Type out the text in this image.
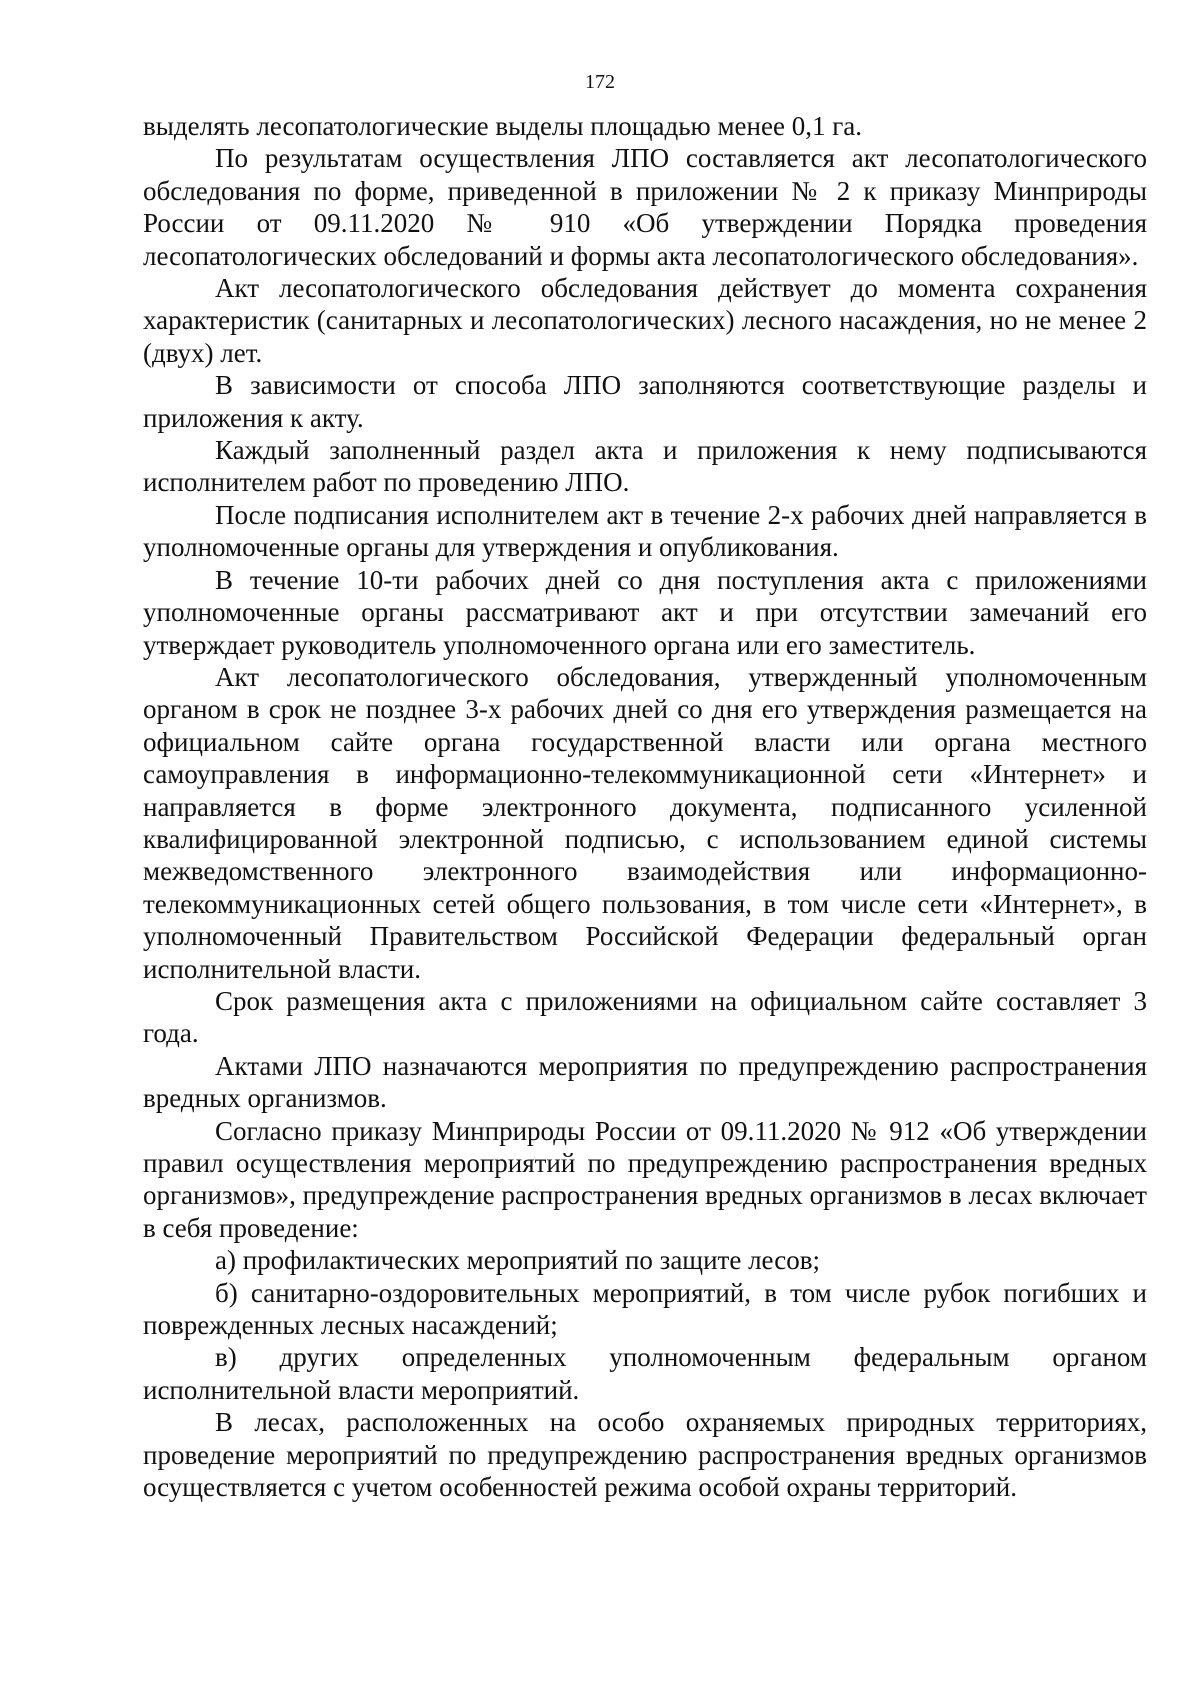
172

выделять лесопатологические выделы площадью менее 0,1 га.

По результатам осуществления ЛПО составляется акт лесопатологического обследования по форме, приведенной в приложении № 2 к приказу Минприроды России от 09.11.2020 № 910 «Об утверждении Порядка проведения лесопатологических обследований и формы акта лесопатологического обследования».

Акт лесопатологического обследования действует до момента сохранения характеристик (санитарных и лесопатологических) лесного насаждения, но не менее 2 (двух) лет.

В зависимости от способа ЛПО заполняются соответствующие разделы и приложения к акту.

Каждый заполненный раздел акта и приложения к нему подписываются исполнителем работ по проведению ЛПО.

После подписания исполнителем акт в течение 2-х рабочих дней направляется в уполномоченные органы для утверждения и опубликования.

В течение 10-ти рабочих дней со дня поступления акта с приложениями уполномоченные органы рассматривают акт и при отсутствии замечаний его утверждает руководитель уполномоченного органа или его заместитель.

Акт лесопатологического обследования, утвержденный уполномоченным органом в срок не позднее 3-х рабочих дней со дня его утверждения размещается на официальном сайте органа государственной власти или органа местного самоуправления в информационно-телекоммуникационной сети «Интернет» и направляется в форме электронного документа, подписанного усиленной квалифицированной электронной подписью, с использованием единой системы межведомственного электронного взаимодействия или информационно-телекоммуникационных сетей общего пользования, в том числе сети «Интернет», в уполномоченный Правительством Российской Федерации федеральный орган исполнительной власти.

Срок размещения акта с приложениями на официальном сайте составляет 3 года.

Актами ЛПО назначаются мероприятия по предупреждению распространения вредных организмов.

Согласно приказу Минприроды России от 09.11.2020 № 912 «Об утверждении правил осуществления мероприятий по предупреждению распространения вредных организмов», предупреждение распространения вредных организмов в лесах включает в себя проведение:

а) профилактических мероприятий по защите лесов;

б) санитарно-оздоровительных мероприятий, в том числе рубок погибших и поврежденных лесных насаждений;

в) других определенных уполномоченным федеральным органом исполнительной власти мероприятий.

В лесах, расположенных на особо охраняемых природных территориях, проведение мероприятий по предупреждению распространения вредных организмов осуществляется с учетом особенностей режима особой охраны территорий.
